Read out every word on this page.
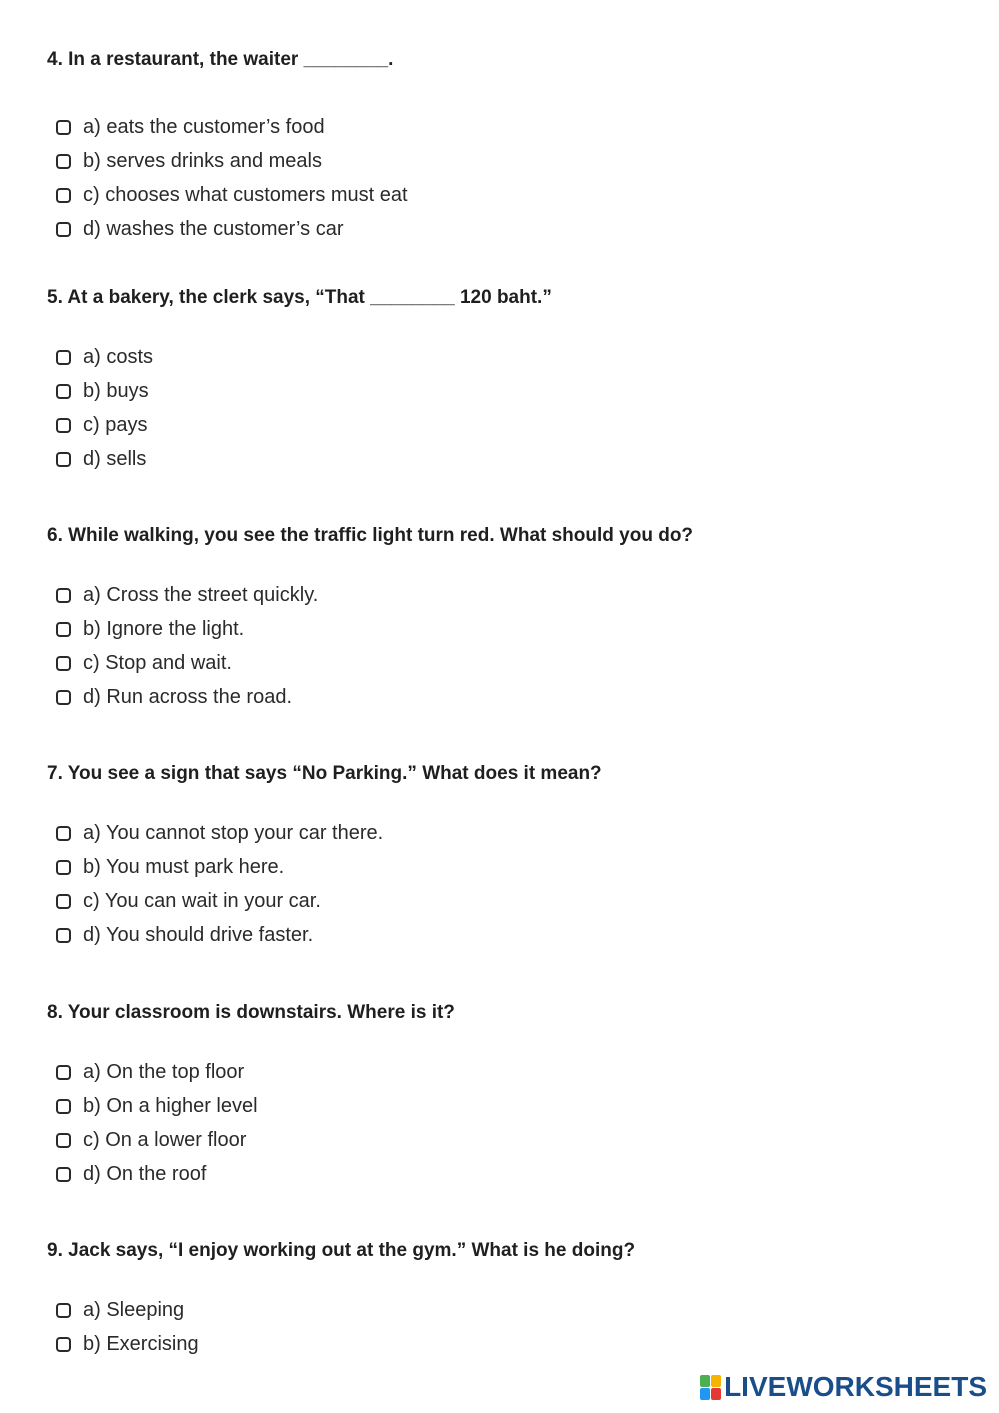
4. In a restaurant, the waiter ________.

a) eats the customer’s food
b) serves drinks and meals
c) chooses what customers must eat
d) washes the customer’s car

5. At a bakery, the clerk says, “That ________ 120 baht.”

a) costs
b) buys
c) pays
d) sells

6. While walking, you see the traffic light turn red. What should you do?

a) Cross the street quickly.
b) Ignore the light.
c) Stop and wait.
d) Run across the road.

7. You see a sign that says “No Parking.” What does it mean?

a) You cannot stop your car there.
b) You must park here.
c) You can wait in your car.
d) You should drive faster.

8. Your classroom is downstairs. Where is it?

a) On the top floor
b) On a higher level
c) On a lower floor
d) On the roof

9. Jack says, “I enjoy working out at the gym.” What is he doing?

a) Sleeping
b) Exercising
LIVEWORKSHEETS
